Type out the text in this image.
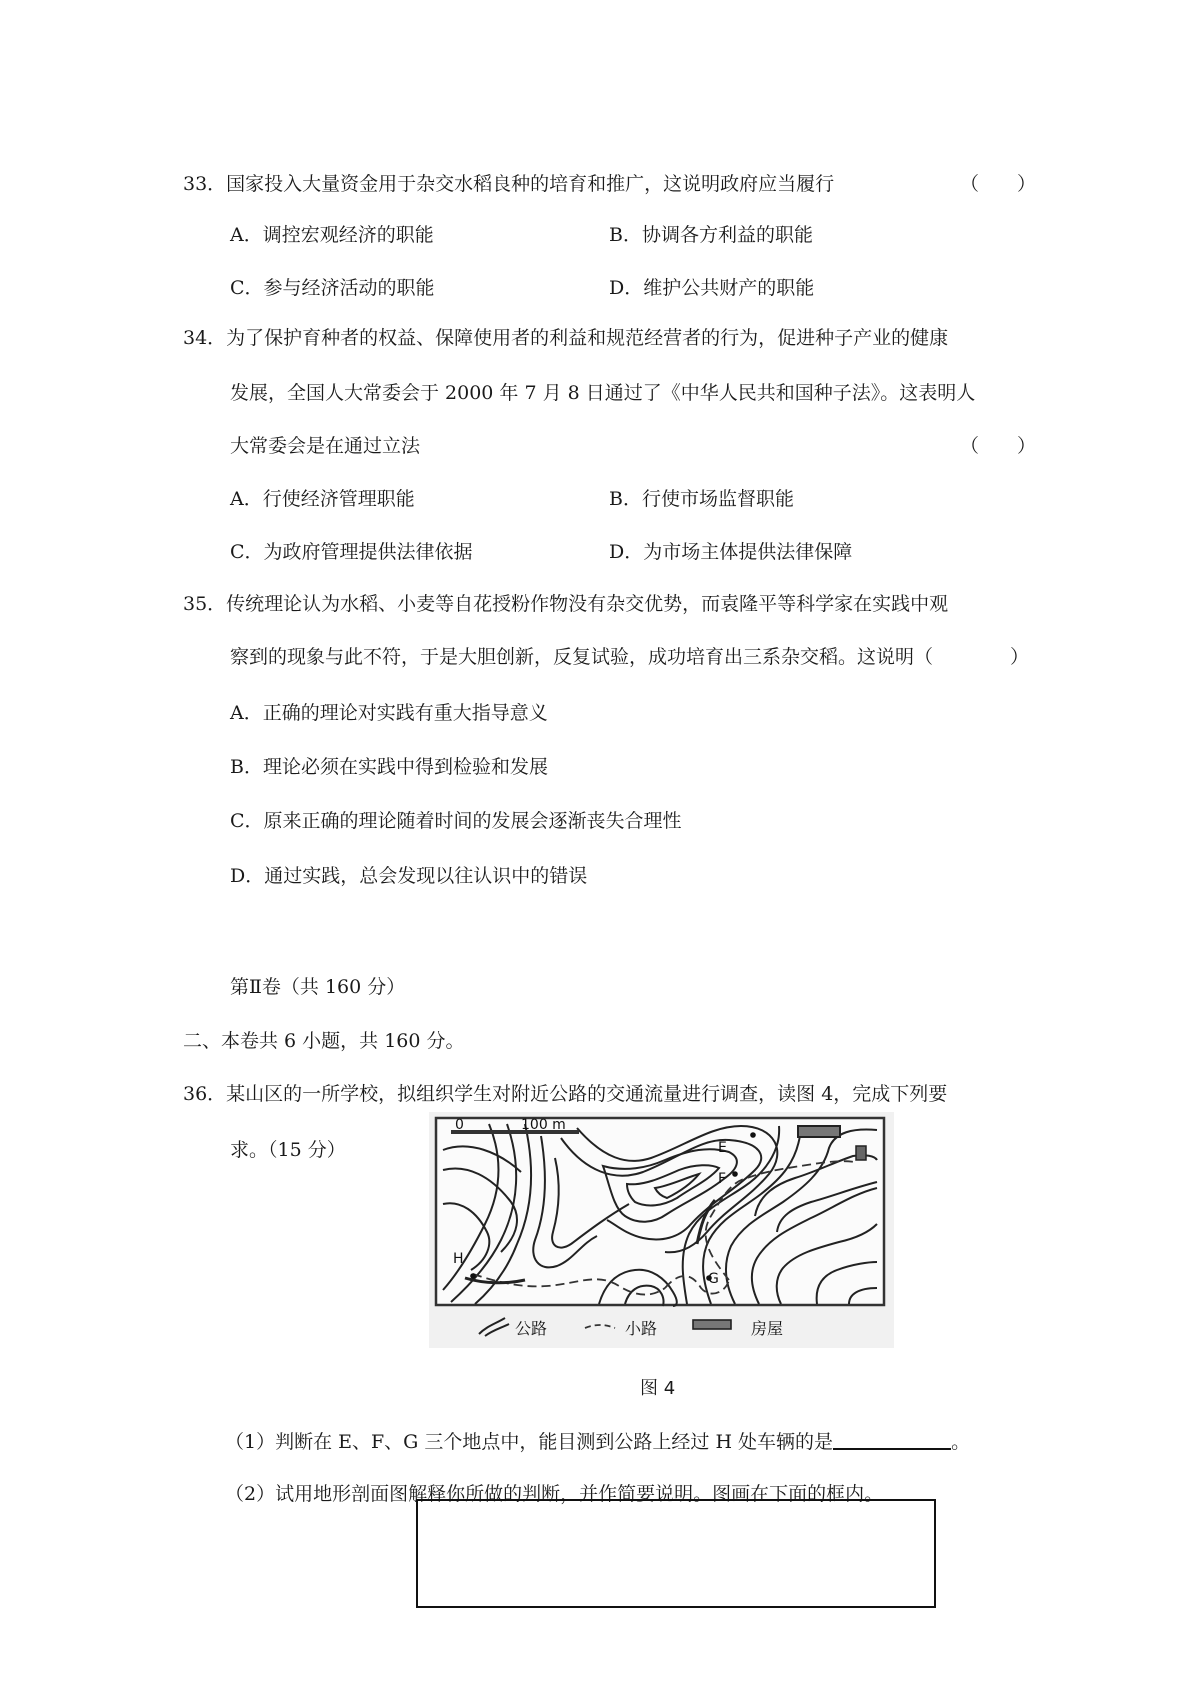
33．国家投入大量资金用于杂交水稻良种的培育和推广，这说明政府应当履行	（　　）
A．调控宏观经济的职能	B．协调各方利益的职能
C．参与经济活动的职能	D．维护公共财产的职能
34．为了保护育种者的权益、保障使用者的利益和规范经营者的行为，促进种子产业的健康
发展，全国人大常委会于 2000 年 7 月 8 日通过了《中华人民共和国种子法》。这表明人
大常委会是在通过立法	（　　）
A．行使经济管理职能	B．行使市场监督职能
C．为政府管理提供法律依据	D．为市场主体提供法律保障
35．传统理论认为水稻、小麦等自花授粉作物没有杂交优势，而袁隆平等科学家在实践中观
察到的现象与此不符，于是大胆创新，反复试验，成功培育出三系杂交稻。这说明（	）
A．正确的理论对实践有重大指导意义
B．理论必须在实践中得到检验和发展
C．原来正确的理论随着时间的发展会逐渐丧失合理性
D．通过实践，总会发现以往认识中的错误
第Ⅱ卷（共 160 分）
二、本卷共 6 小题，共 160 分。
36．某山区的一所学校，拟组织学生对附近公路的交通流量进行调查，读图 4，完成下列要
求。（15 分）
0	100 m
E
F
G
H
公路	小路	房屋
图 4
（1）判断在 E、F、G 三个地点中，能目测到公路上经过 H 处车辆的是	。
（2）试用地形剖面图解释你所做的判断，并作简要说明。图画在下面的框内。
